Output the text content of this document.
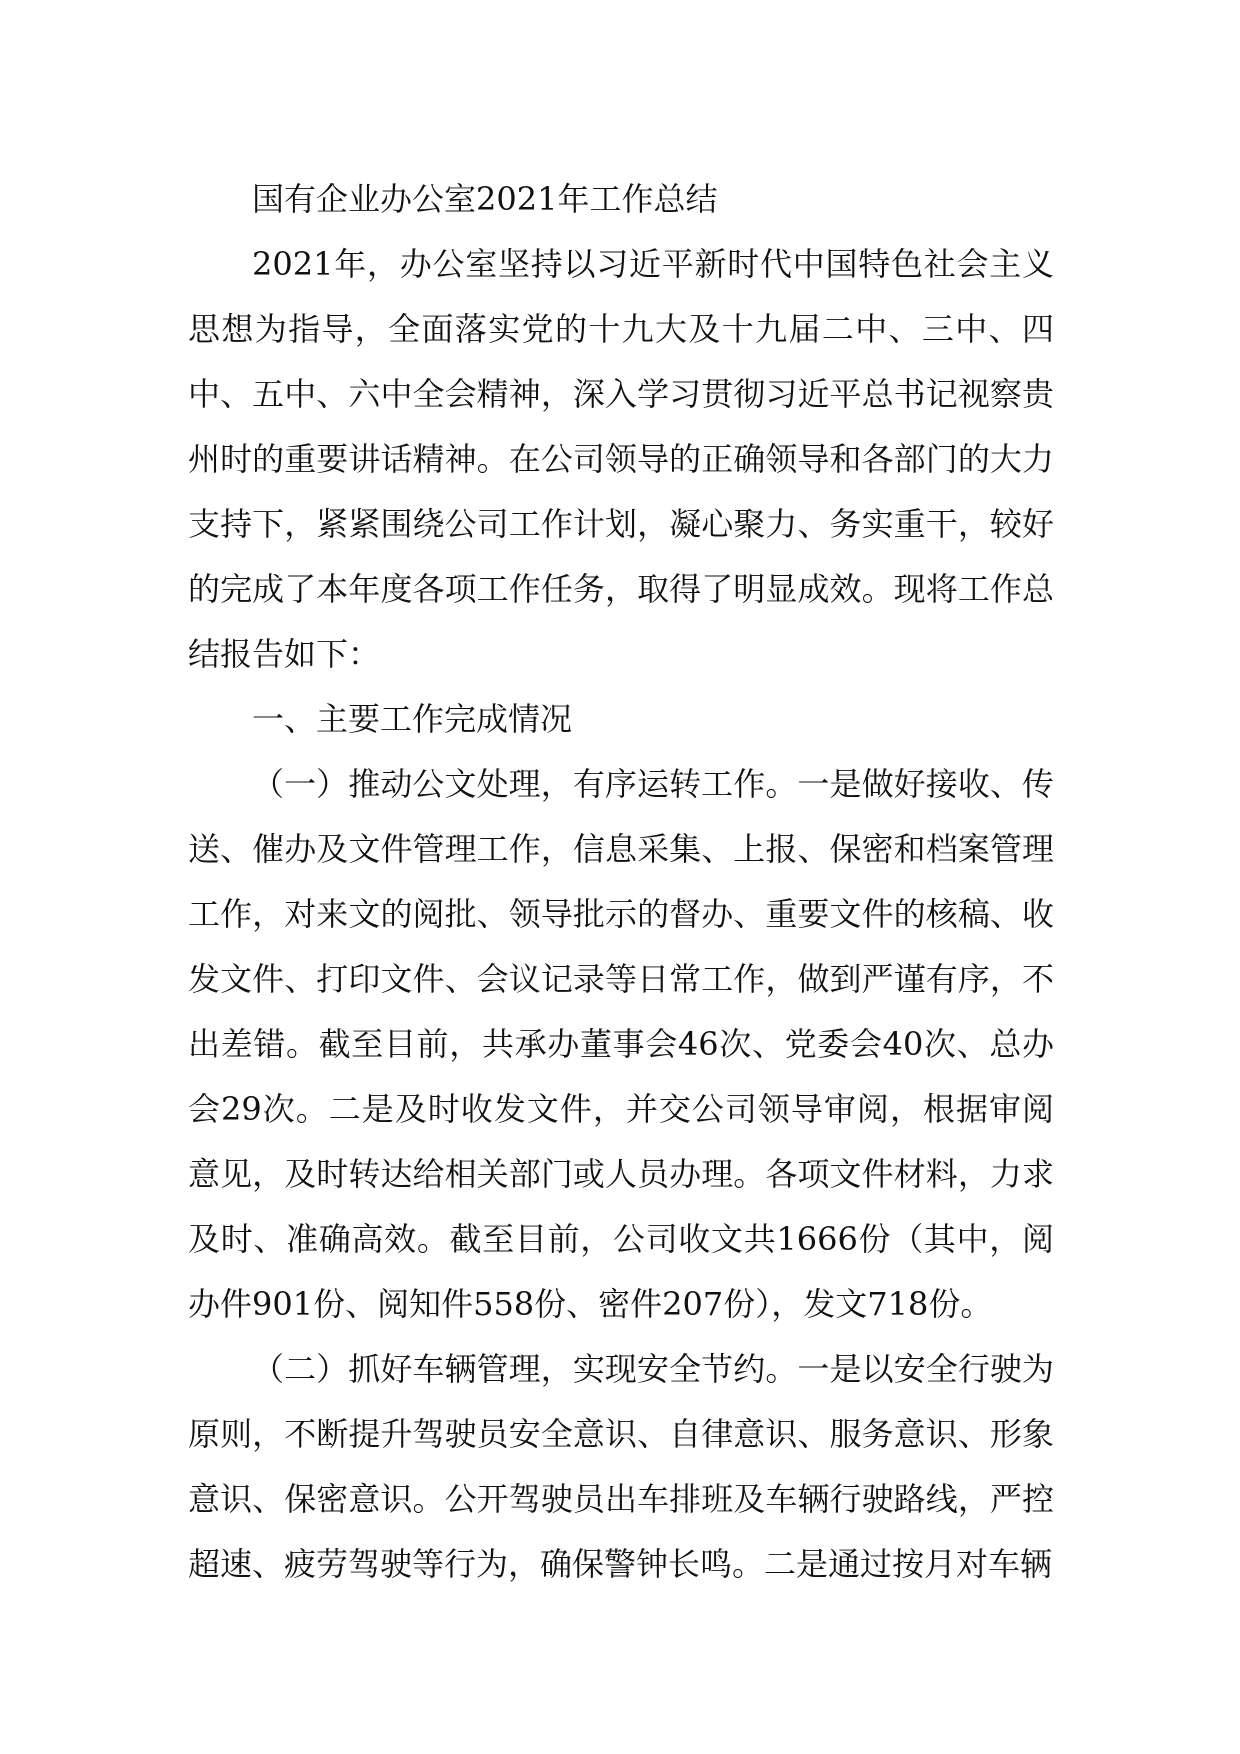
国有企业办公室2021年工作总结

2021年，办公室坚持以习近平新时代中国特色社会主义思想为指导，全面落实党的十九大及十九届二中、三中、四中、五中、六中全会精神，深入学习贯彻习近平总书记视察贵州时的重要讲话精神。在公司领导的正确领导和各部门的大力支持下，紧紧围绕公司工作计划，凝心聚力、务实重干，较好的完成了本年度各项工作任务，取得了明显成效。现将工作总结报告如下：

一、主要工作完成情况

（一）推动公文处理，有序运转工作。一是做好接收、传送、催办及文件管理工作，信息采集、上报、保密和档案管理工作，对来文的阅批、领导批示的督办、重要文件的核稿、收发文件、打印文件、会议记录等日常工作，做到严谨有序，不出差错。截至目前，共承办董事会46次、党委会40次、总办会29次。二是及时收发文件，并交公司领导审阅，根据审阅意见，及时转达给相关部门或人员办理。各项文件材料，力求及时、准确高效。截至目前，公司收文共1666份（其中，阅办件901份、阅知件558份、密件207份），发文718份。

（二）抓好车辆管理，实现安全节约。一是以安全行驶为原则，不断提升驾驶员安全意识、自律意识、服务意识、形象意识、保密意识。公开驾驶员出车排班及车辆行驶路线，严控超速、疲劳驾驶等行为，确保警钟长鸣。二是通过按月对车辆
